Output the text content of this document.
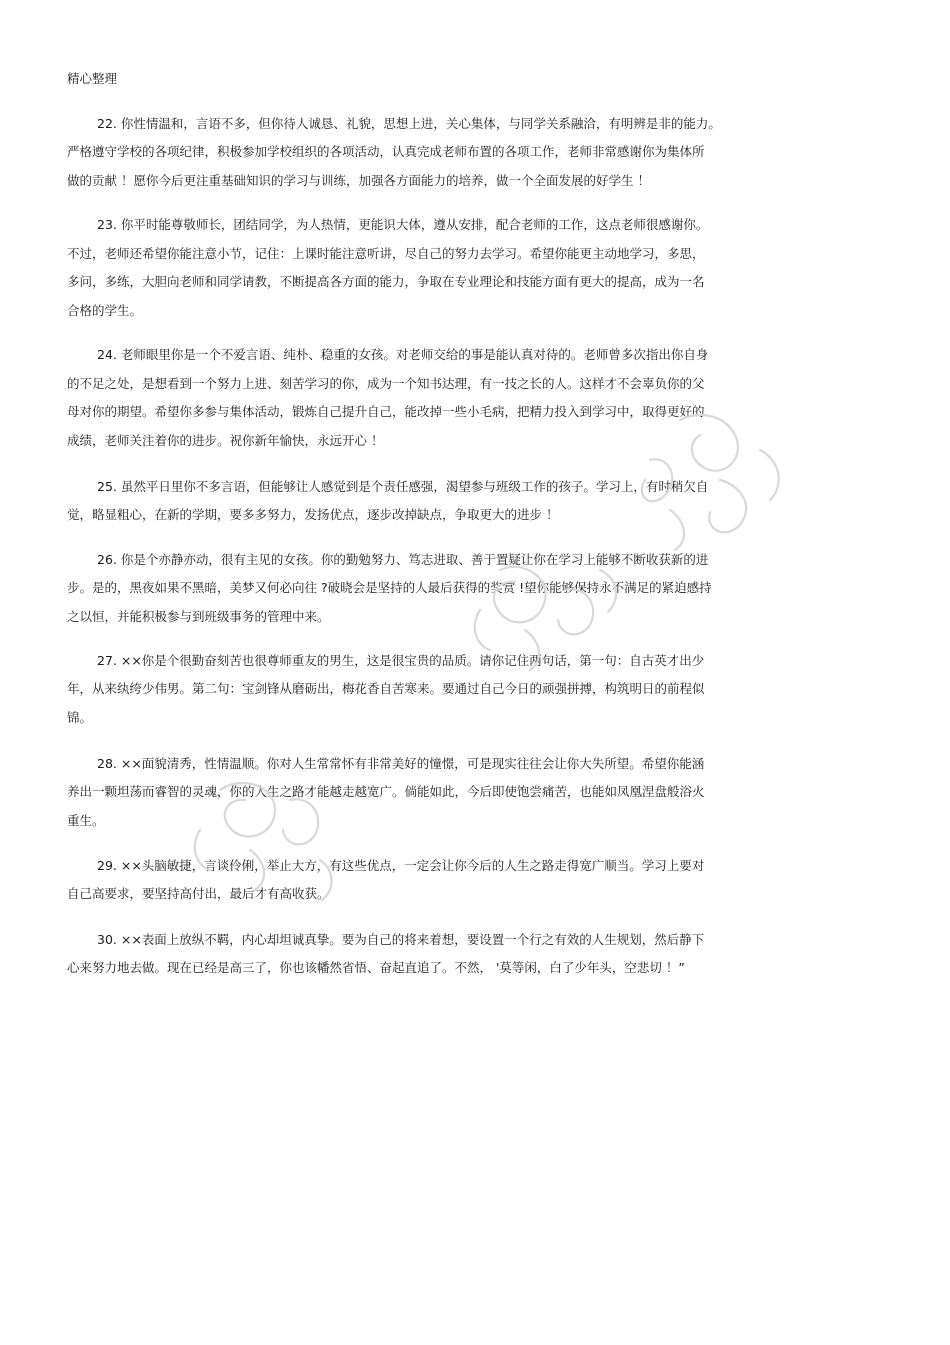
精心整理
22. 你性情温和，言语不多，但你待人诚恳、礼貌，思想上进，关心集体，与同学关系融洽，有明辨是非的能力。
严格遵守学校的各项纪律，积极参加学校组织的各项活动，认真完成老师布置的各项工作，老师非常感谢你为集体所
做的贡献 ！愿你今后更注重基础知识的学习与训练，加强各方面能力的培养，做一个全面发展的好学生 ！
23. 你平时能尊敬师长，团结同学，为人热情，更能识大体，遵从安排，配合老师的工作，这点老师很感谢你。
不过，老师还希望你能注意小节，记住：上课时能注意听讲，尽自己的努力去学习。希望你能更主动地学习，多思，
多问，多练，大胆向老师和同学请教，不断提高各方面的能力，争取在专业理论和技能方面有更大的提高，成为一名
合格的学生。
24. 老师眼里你是一个不爱言语、纯朴、稳重的女孩。对老师交给的事是能认真对待的。老师曾多次指出你自身
的不足之处，是想看到一个努力上进、刻苦学习的你，成为一个知书达理，有一技之长的人。这样才不会辜负你的父
母对你的期望。希望你多参与集体活动，锻炼自己提升自己，能改掉一些小毛病，把精力投入到学习中，取得更好的
成绩，老师关注着你的进步。祝你新年愉快，永远开心 ！
25. 虽然平日里你不多言语，但能够让人感觉到是个责任感强，渴望参与班级工作的孩子。学习上，有时稍欠自
觉，略显粗心，在新的学期，要多多努力，发扬优点，逐步改掉缺点，争取更大的进步 ！
26. 你是个亦静亦动，很有主见的女孩。你的勤勉努力、笃志进取、善于置疑让你在学习上能够不断收获新的进
步。是的，黑夜如果不黑暗，美梦又何必向往 ?破晓会是坚持的人最后获得的奖赏 !望你能够保持永不满足的紧迫感持
之以恒，并能积极参与到班级事务的管理中来。
27. ××你是个很勤奋刻苦也很尊师重友的男生，这是很宝贵的品质。请你记住两句话，第一句：自古英才出少
年，从来纨绔少伟男。第二句：宝剑锋从磨砺出，梅花香自苦寒来。要通过自己今日的顽强拼搏，构筑明日的前程似
锦。
28. ××面貌清秀，性情温顺。你对人生常常怀有非常美好的憧憬，可是现实往往会让你大失所望。希望你能涵
养出一颗坦荡而睿智的灵魂，你的人生之路才能越走越宽广。倘能如此，今后即使饱尝痛苦，也能如凤凰涅盘般浴火
重生。
29. ××头脑敏捷，言谈伶俐，举止大方，有这些优点，一定会让你今后的人生之路走得宽广顺当。学习上要对
自己高要求，要坚持高付出，最后才有高收获。
30. ××表面上放纵不羁，内心却坦诚真挚。要为自己的将来着想，要设置一个行之有效的人生规划，然后静下
心来努力地去做。现在已经是高三了，你也该幡然省悟、奋起直追了。不然， '莫等闲，白了少年头，空悲切 ！”
